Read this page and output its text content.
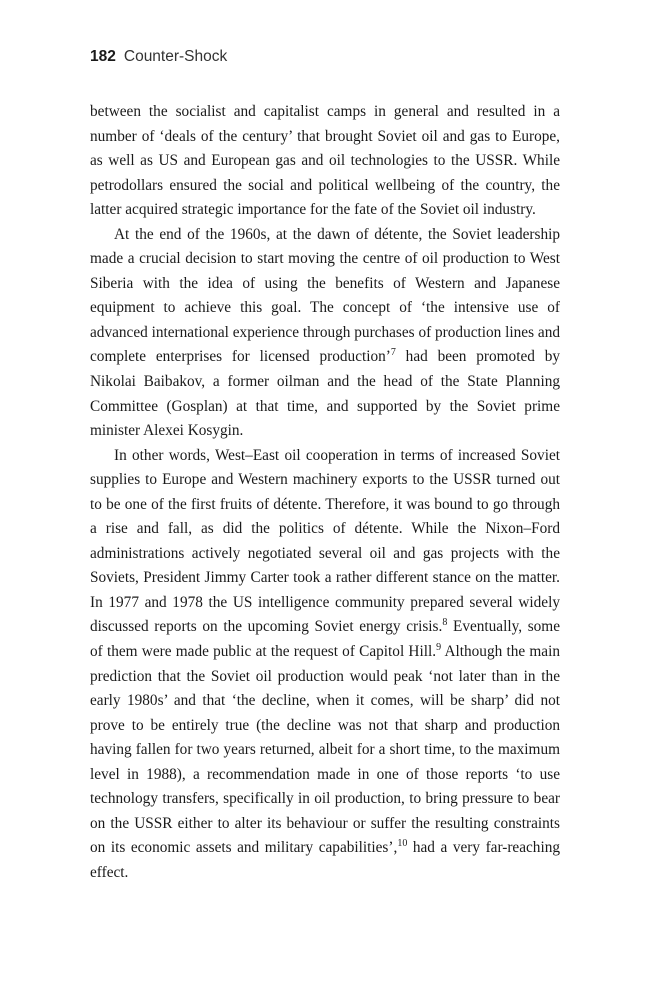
182 Counter-Shock

between the socialist and capitalist camps in general and resulted in a number of ‘deals of the century’ that brought Soviet oil and gas to Europe, as well as US and European gas and oil technologies to the USSR. While petrodollars ensured the social and political wellbeing of the country, the latter acquired strategic importance for the fate of the Soviet oil industry.

At the end of the 1960s, at the dawn of détente, the Soviet leadership made a crucial decision to start moving the centre of oil production to West Siberia with the idea of using the benefits of Western and Japanese equipment to achieve this goal. The concept of ‘the intensive use of advanced international experience through purchases of production lines and complete enterprises for licensed production’$^7$ had been promoted by Nikolai Baibakov, a former oilman and the head of the State Planning Committee (Gosplan) at that time, and supported by the Soviet prime minister Alexei Kosygin.

In other words, West–East oil cooperation in terms of increased Soviet supplies to Europe and Western machinery exports to the USSR turned out to be one of the first fruits of détente. Therefore, it was bound to go through a rise and fall, as did the politics of détente. While the Nixon–Ford administrations actively negotiated several oil and gas projects with the Soviets, President Jimmy Carter took a rather different stance on the matter. In 1977 and 1978 the US intelligence community prepared several widely discussed reports on the upcoming Soviet energy crisis.$^8$ Eventually, some of them were made public at the request of Capitol Hill.$^9$ Although the main prediction that the Soviet oil production would peak ‘not later than in the early 1980s’ and that ‘the decline, when it comes, will be sharp’ did not prove to be entirely true (the decline was not that sharp and production having fallen for two years returned, albeit for a short time, to the maximum level in 1988), a recommendation made in one of those reports ‘to use technology transfers, specifically in oil production, to bring pressure to bear on the USSR either to alter its behaviour or suffer the resulting constraints on its economic assets and military capabilities’,$^{10}$ had a very far-reaching effect.
